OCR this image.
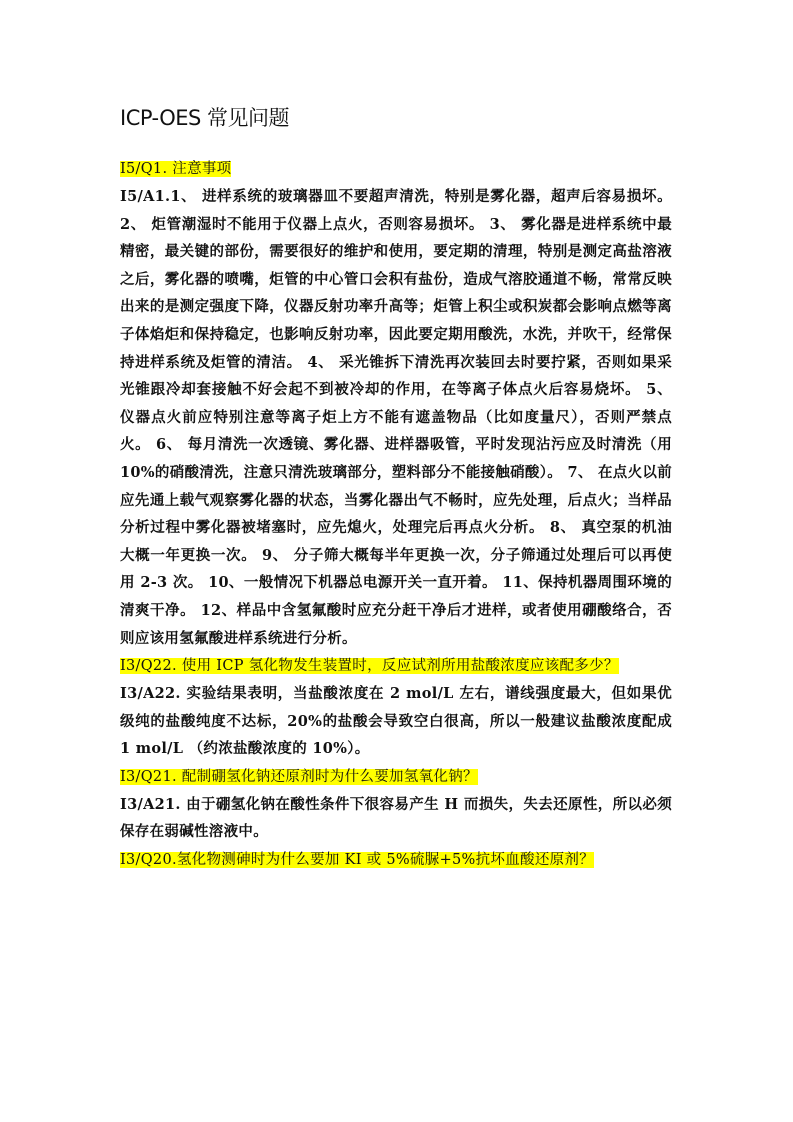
ICP-OES 常见问题

I5/Q1. 注意事项

I5/A1.1、 进样系统的玻璃器皿不要超声清洗，特别是雾化器，超声后容易损坏。 2、 炬管潮湿时不能用于仪器上点火，否则容易损坏。 3、 雾化器是进样系统中最精密，最关键的部份，需要很好的维护和使用，要定期的清理，特别是测定高盐溶液之后，雾化器的喷嘴，炬管的中心管口会积有盐份，造成气溶胶通道不畅，常常反映出来的是测定强度下降，仪器反射功率升高等；炬管上积尘或积炭都会影响点燃等离子体焰炬和保持稳定，也影响反射功率，因此要定期用酸洗，水洗，并吹干，经常保持进样系统及炬管的清洁。 4、 采光锥拆下清洗再次装回去时要拧紧，否则如果采光锥跟冷却套接触不好会起不到被冷却的作用，在等离子体点火后容易烧坏。 5、 仪器点火前应特别注意等离子炬上方不能有遮盖物品（比如度量尺），否则严禁点火。 6、 每月清洗一次透镜、雾化器、进样器吸管，平时发现沾污应及时清洗（用 10%的硝酸清洗，注意只清洗玻璃部分，塑料部分不能接触硝酸）。 7、 在点火以前应先通上载气观察雾化器的状态，当雾化器出气不畅时，应先处理，后点火；当样品分析过程中雾化器被堵塞时，应先熄火，处理完后再点火分析。 8、 真空泵的机油大概一年更换一次。 9、 分子筛大概每半年更换一次，分子筛通过处理后可以再使用 2-3 次。 10、一般情况下机器总电源开关一直开着。 11、保持机器周围环境的清爽干净。 12、样品中含氢氟酸时应充分赶干净后才进样，或者使用硼酸络合，否则应该用氢氟酸进样系统进行分析。

I3/Q22. 使用 ICP 氢化物发生装置时，反应试剂所用盐酸浓度应该配多少？

I3/A22. 实验结果表明，当盐酸浓度在 2 mol/L 左右，谱线强度最大，但如果优级纯的盐酸纯度不达标，20%的盐酸会导致空白很高，所以一般建议盐酸浓度配成 1 mol/L （约浓盐酸浓度的 10%）。

I3/Q21. 配制硼氢化钠还原剂时为什么要加氢氧化钠？

I3/A21. 由于硼氢化钠在酸性条件下很容易产生 H 而损失，失去还原性，所以必须保存在弱碱性溶液中。

I3/Q20.氢化物测砷时为什么要加 KI 或 5%硫脲+5%抗坏血酸还原剂？
